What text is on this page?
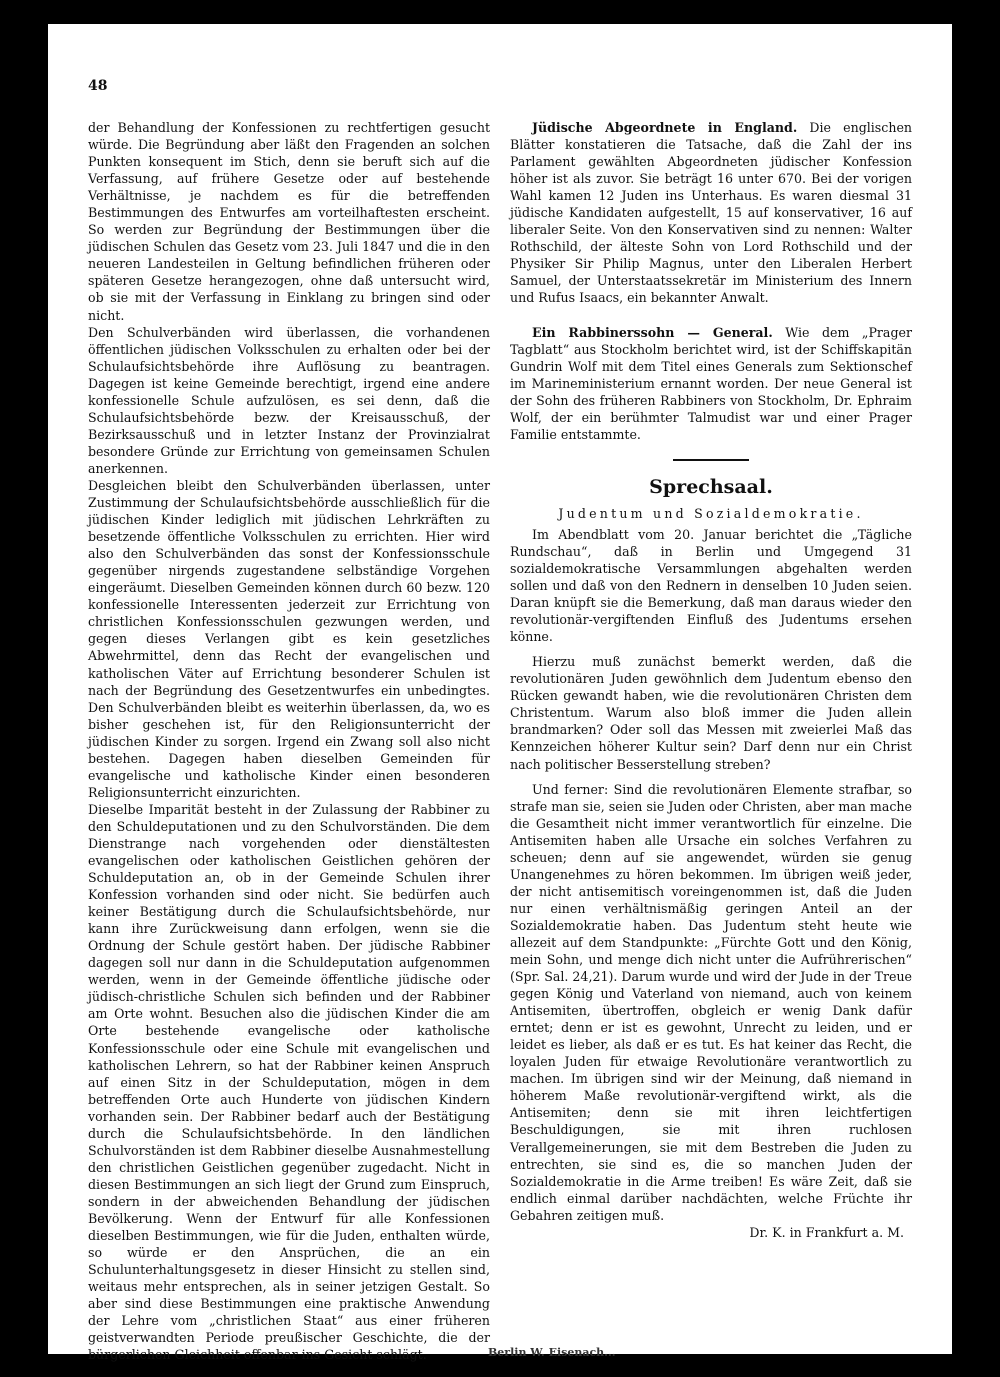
48

der Behandlung der Konfessionen zu rechtfertigen gesucht würde. Die Begründung aber läßt den Fragenden an solchen Punkten konsequent im Stich, denn sie beruft sich auf die Verfassung, auf frühere Gesetze oder auf bestehende Verhältnisse, je nachdem es für die betreffenden Bestimmungen des Entwurfes am vorteilhaftesten erscheint. So werden zur Begründung der Bestimmungen über die jüdischen Schulen das Gesetz vom 23. Juli 1847 und die in den neueren Landesteilen in Geltung befindlichen früheren oder späteren Gesetze herangezogen, ohne daß untersucht wird, ob sie mit der Verfassung in Einklang zu bringen sind oder nicht.

Den Schulverbänden wird überlassen, die vorhandenen öffentlichen jüdischen Volksschulen zu erhalten oder bei der Schulaufsichtsbehörde ihre Auflösung zu beantragen. Dagegen ist keine Gemeinde berechtigt, irgend eine andere konfessionelle Schule aufzulösen, es sei denn, daß die Schulaufsichtsbehörde bezw. der Kreisausschuß, der Bezirksausschuß und in letzter Instanz der Provinzialrat besondere Gründe zur Errichtung von gemeinsamen Schulen anerkennen.

Desgleichen bleibt den Schulverbänden überlassen, unter Zustimmung der Schulaufsichtsbehörde ausschließlich für die jüdischen Kinder lediglich mit jüdischen Lehrkräften zu besetzende öffentliche Volksschulen zu errichten. Hier wird also den Schulverbänden das sonst der Konfessionsschule gegenüber nirgends zugestandene selbständige Vorgehen eingeräumt. Dieselben Gemeinden können durch 60 bezw. 120 konfessionelle Interessenten jederzeit zur Errichtung von christlichen Konfessionsschulen gezwungen werden, und gegen dieses Verlangen gibt es kein gesetzliches Abwehrmittel, denn das Recht der evangelischen und katholischen Väter auf Errichtung besonderer Schulen ist nach der Begründung des Gesetzentwurfes ein unbedingtes. Den Schulverbänden bleibt es weiterhin überlassen, da, wo es bisher geschehen ist, für den Religionsunterricht der jüdischen Kinder zu sorgen. Irgend ein Zwang soll also nicht bestehen. Dagegen haben dieselben Gemeinden für evangelische und katholische Kinder einen besonderen Religionsunterricht einzurichten.

Dieselbe Imparität besteht in der Zulassung der Rabbiner zu den Schuldeputationen und zu den Schulvorständen. Die dem Dienstrange nach vorgehenden oder dienstältesten evangelischen oder katholischen Geistlichen gehören der Schuldeputation an, ob in der Gemeinde Schulen ihrer Konfession vorhanden sind oder nicht. Sie bedürfen auch keiner Bestätigung durch die Schulaufsichtsbehörde, nur kann ihre Zurückweisung dann erfolgen, wenn sie die Ordnung der Schule gestört haben. Der jüdische Rabbiner dagegen soll nur dann in die Schuldeputation aufgenommen werden, wenn in der Gemeinde öffentliche jüdische oder jüdisch-christliche Schulen sich befinden und der Rabbiner am Orte wohnt. Besuchen also die jüdischen Kinder die am Orte bestehende evangelische oder katholische Konfessionsschule oder eine Schule mit evangelischen und katholischen Lehrern, so hat der Rabbiner keinen Anspruch auf einen Sitz in der Schuldeputation, mögen in dem betreffenden Orte auch Hunderte von jüdischen Kindern vorhanden sein. Der Rabbiner bedarf auch der Bestätigung durch die Schulaufsichtsbehörde. In den ländlichen Schulvorständen ist dem Rabbiner dieselbe Ausnahmestellung den christlichen Geistlichen gegenüber zugedacht. Nicht in diesen Bestimmungen an sich liegt der Grund zum Einspruch, sondern in der abweichenden Behandlung der jüdischen Bevölkerung. Wenn der Entwurf für alle Konfessionen dieselben Bestimmungen, wie für die Juden, enthalten würde, so würde er den Ansprüchen, die an ein Schulunterhaltungsgesetz in dieser Hinsicht zu stellen sind, weitaus mehr entsprechen, als in seiner jetzigen Gestalt. So aber sind diese Bestimmungen eine praktische Anwendung der Lehre vom „christlichen Staat“ aus einer früheren geistverwandten Periode preußischer Geschichte, die der bürgerlichen Gleichheit offenbar ins Gesicht schlägt.

Jüdische Abgeordnete in England. Die englischen Blätter konstatieren die Tatsache, daß die Zahl der ins Parlament gewählten Abgeordneten jüdischer Konfession höher ist als zuvor. Sie beträgt 16 unter 670. Bei der vorigen Wahl kamen 12 Juden ins Unterhaus. Es waren diesmal 31 jüdische Kandidaten aufgestellt, 15 auf konservativer, 16 auf liberaler Seite. Von den Konservativen sind zu nennen: Walter Rothschild, der älteste Sohn von Lord Rothschild und der Physiker Sir Philip Magnus, unter den Liberalen Herbert Samuel, der Unterstaatssekretär im Ministerium des Innern und Rufus Isaacs, ein bekannter Anwalt.

Ein Rabbinerssohn — General. Wie dem „Prager Tagblatt“ aus Stockholm berichtet wird, ist der Schiffskapitän Gundrin Wolf mit dem Titel eines Generals zum Sektionschef im Marineministerium ernannt worden. Der neue General ist der Sohn des früheren Rabbiners von Stockholm, Dr. Ephraim Wolf, der ein berühmter Talmudist war und einer Prager Familie entstammte.

Sprechsaal.
Judentum und Sozialdemokratie.

Im Abendblatt vom 20. Januar berichtet die „Tägliche Rundschau“, daß in Berlin und Umgegend 31 sozialdemokratische Versammlungen abgehalten werden sollen und daß von den Rednern in denselben 10 Juden seien. Daran knüpft sie die Bemerkung, daß man daraus wieder den revolutionär-vergiftenden Einfluß des Judentums ersehen könne.

Hierzu muß zunächst bemerkt werden, daß die revolutionären Juden gewöhnlich dem Judentum ebenso den Rücken gewandt haben, wie die revolutionären Christen dem Christentum. Warum also bloß immer die Juden allein brandmarken? Oder soll das Messen mit zweierlei Maß das Kennzeichen höherer Kultur sein? Darf denn nur ein Christ nach politischer Besserstellung streben?

Und ferner: Sind die revolutionären Elemente strafbar, so strafe man sie, seien sie Juden oder Christen, aber man mache die Gesamtheit nicht immer verantwortlich für einzelne. Die Antisemiten haben alle Ursache ein solches Verfahren zu scheuen; denn auf sie angewendet, würden sie genug Unangenehmes zu hören bekommen. Im übrigen weiß jeder, der nicht antisemitisch voreingenommen ist, daß die Juden nur einen verhältnismäßig geringen Anteil an der Sozialdemokratie haben. Das Judentum steht heute wie allezeit auf dem Standpunkte: „Fürchte Gott und den König, mein Sohn, und menge dich nicht unter die Aufrührerischen“ (Spr. Sal. 24,21). Darum wurde und wird der Jude in der Treue gegen König und Vaterland von niemand, auch von keinem Antisemiten, übertroffen, obgleich er wenig Dank dafür erntet; denn er ist es gewohnt, Unrecht zu leiden, und er leidet es lieber, als daß er es tut. Es hat keiner das Recht, die loyalen Juden für etwaige Revolutionäre verantwortlich zu machen. Im übrigen sind wir der Meinung, daß niemand in höherem Maße revolutionär-vergiftend wirkt, als die Antisemiten; denn sie mit ihren leichtfertigen Beschuldigungen, sie mit ihren ruchlosen Verallgemeinerungen, sie mit dem Bestreben die Juden zu entrechten, sie sind es, die so manchen Juden der Sozialdemokratie in die Arme treiben! Es wäre Zeit, daß sie endlich einmal darüber nachdächten, welche Früchte ihr Gebahren zeitigen muß.

Dr. K. in Frankfurt a. M.

Berlin W. Eisenach...
